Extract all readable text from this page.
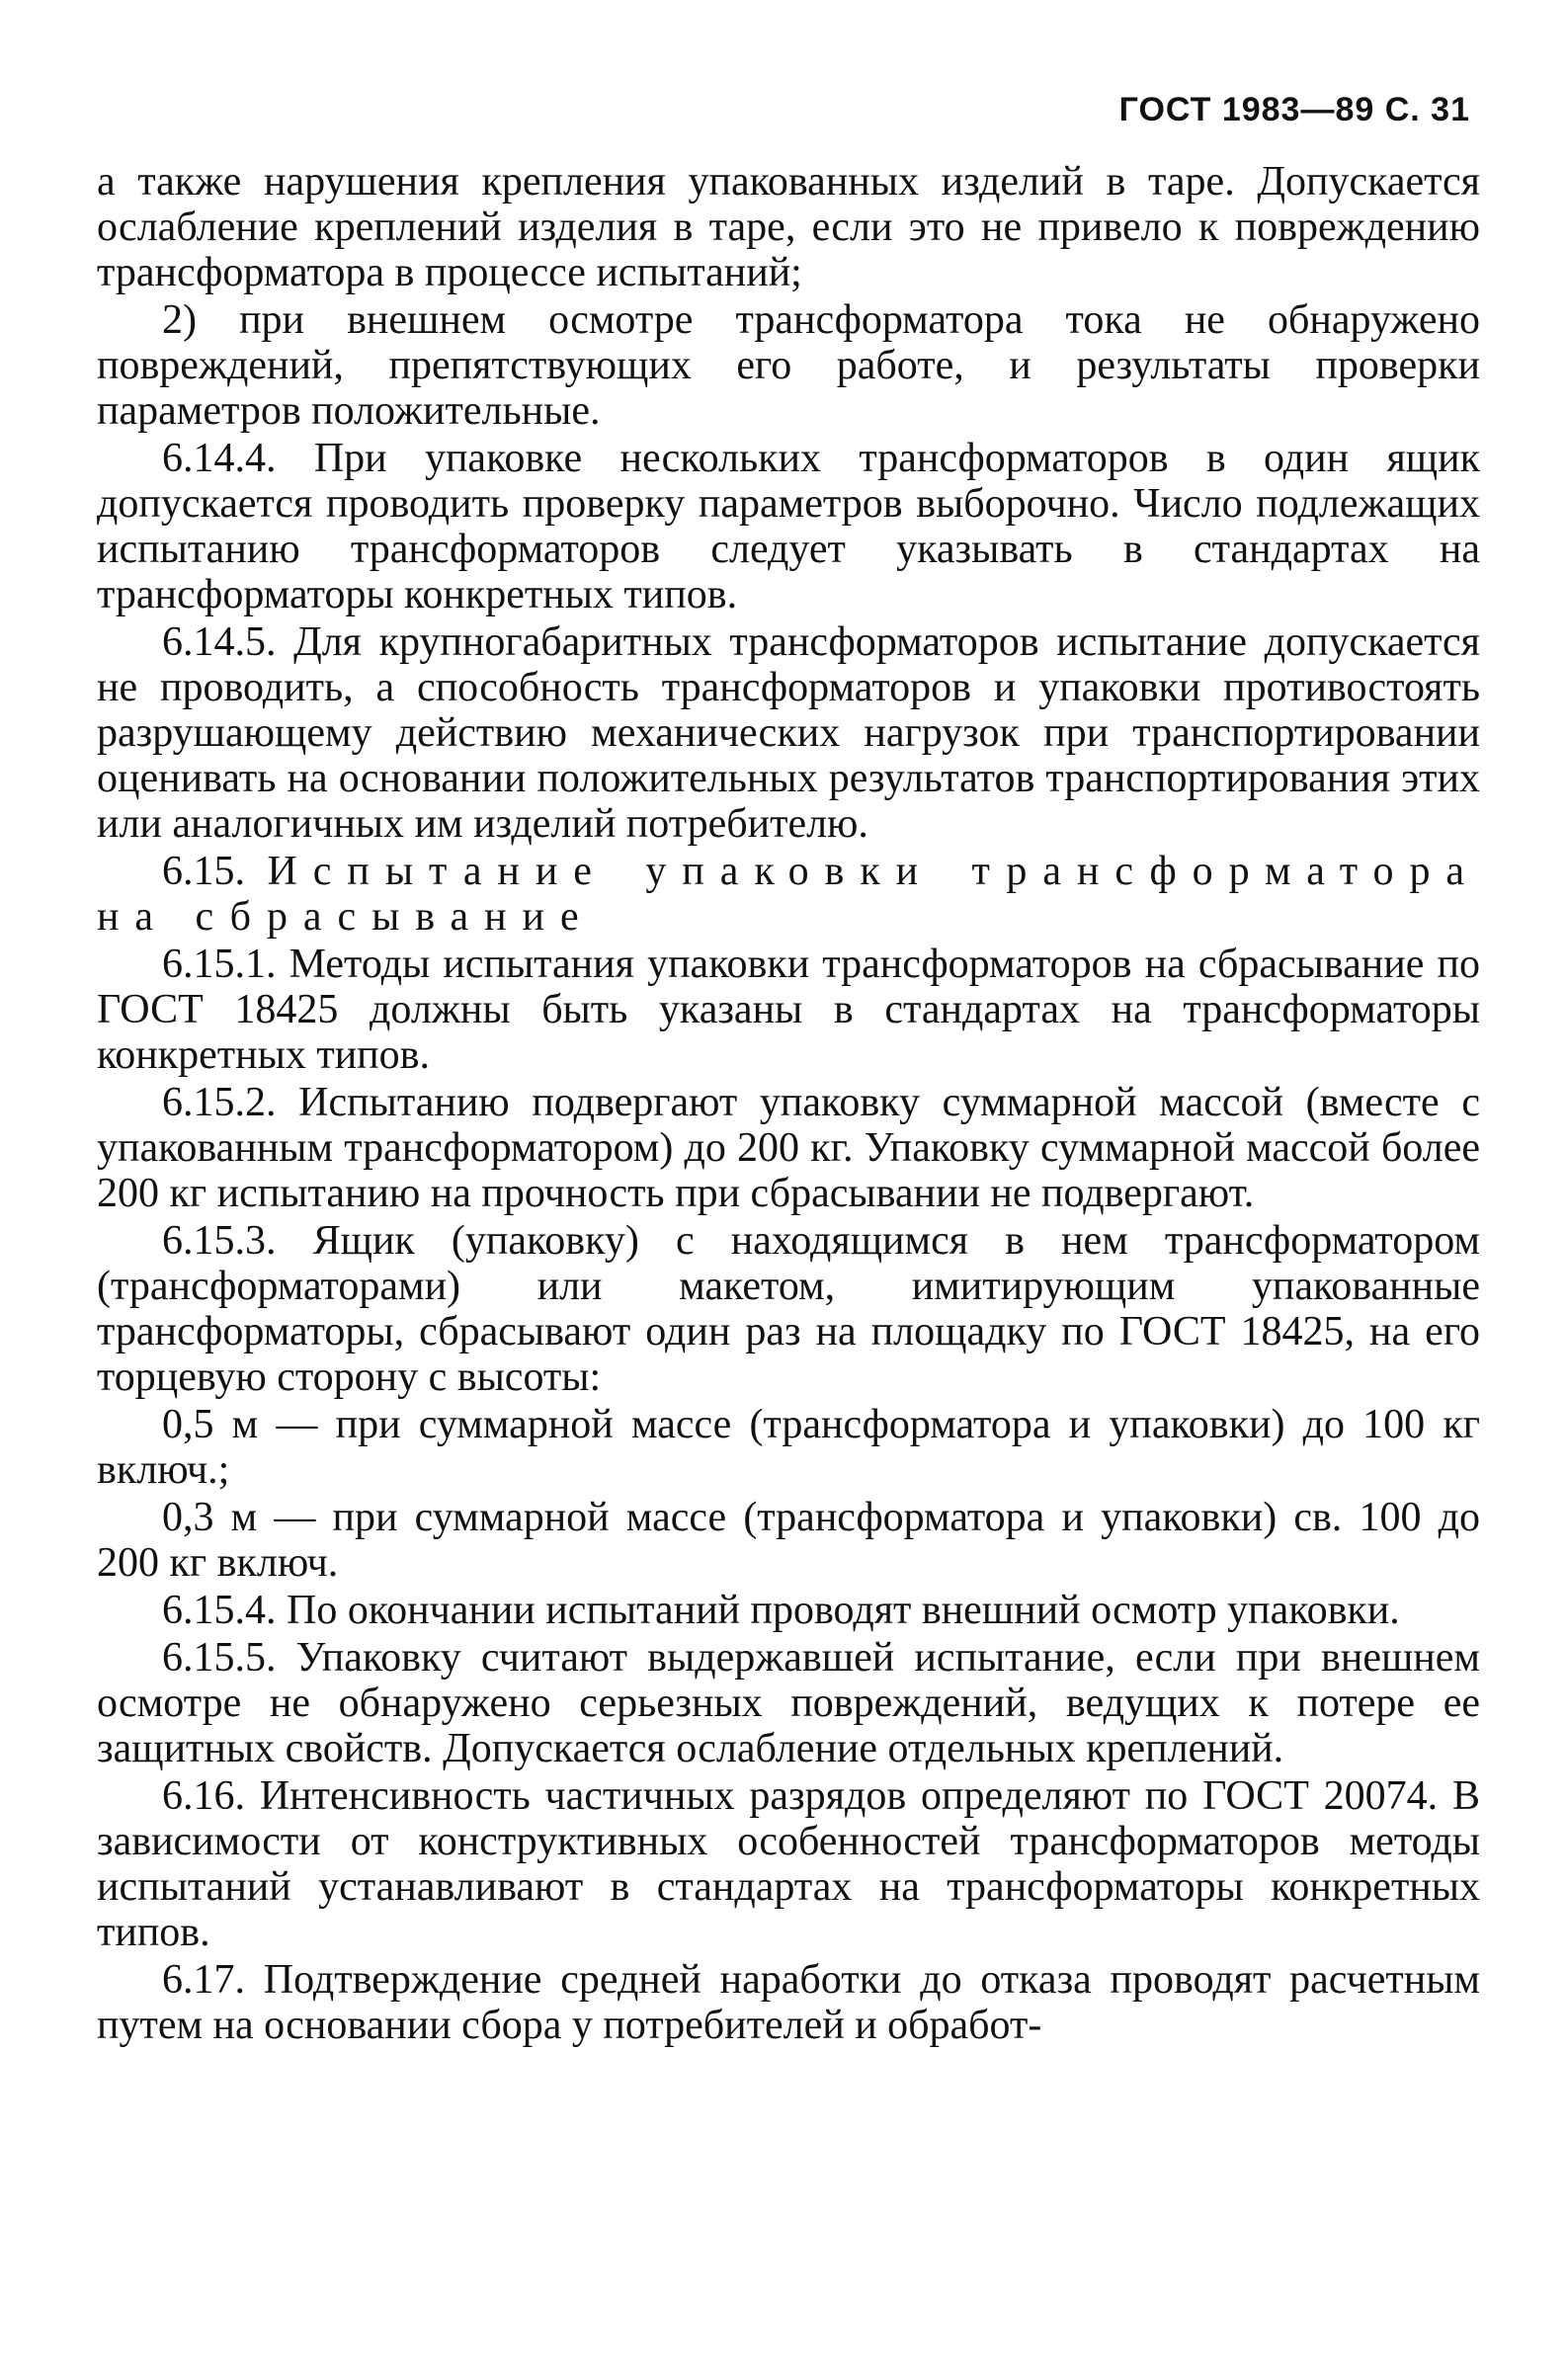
ГОСТ 1983—89 С. 31

а также нарушения крепления упакованных изделий в таре. Допускается ослабление креплений изделия в таре, если это не привело к повреждению трансформатора в процессе испытаний;

2) при внешнем осмотре трансформатора тока не обнаружено повреждений, препятствующих его работе, и результаты проверки параметров положительные.

6.14.4. При упаковке нескольких трансформаторов в один ящик допускается проводить проверку параметров выборочно. Число подлежащих испытанию трансформаторов следует указывать в стандартах на трансформаторы конкретных типов.

6.14.5. Для крупногабаритных трансформаторов испытание допускается не проводить, а способность трансформаторов и упаковки противостоять разрушающему действию механических нагрузок при транспортировании оценивать на основании положительных результатов транспортирования этих или аналогичных им изделий потребителю.

6.15. Испытание упаковки трансформатора на сбрасывание

6.15.1. Методы испытания упаковки трансформаторов на сбрасывание по ГОСТ 18425 должны быть указаны в стандартах на трансформаторы конкретных типов.

6.15.2. Испытанию подвергают упаковку суммарной массой (вместе с упакованным трансформатором) до 200 кг. Упаковку суммарной массой более 200 кг испытанию на прочность при сбрасывании не подвергают.

6.15.3. Ящик (упаковку) с находящимся в нем трансформатором (трансформаторами) или макетом, имитирующим упакованные трансформаторы, сбрасывают один раз на площадку по ГОСТ 18425, на его торцевую сторону с высоты:

0,5 м — при суммарной массе (трансформатора и упаковки) до 100 кг включ.;

0,3 м — при суммарной массе (трансформатора и упаковки) св. 100 до 200 кг включ.

6.15.4. По окончании испытаний проводят внешний осмотр упаковки.

6.15.5. Упаковку считают выдержавшей испытание, если при внешнем осмотре не обнаружено серьезных повреждений, ведущих к потере ее защитных свойств. Допускается ослабление отдельных креплений.

6.16. Интенсивность частичных разрядов определяют по ГОСТ 20074. В зависимости от конструктивных особенностей трансформаторов методы испытаний устанавливают в стандартах на трансформаторы конкретных типов.

6.17. Подтверждение средней наработки до отказа проводят расчетным путем на основании сбора у потребителей и обработ-
